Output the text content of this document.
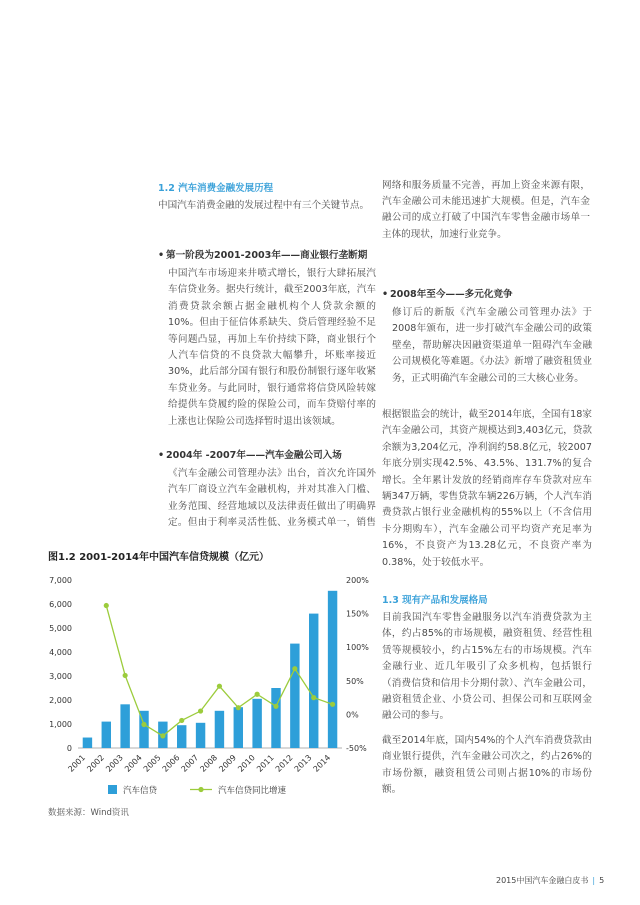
1.2 汽车消费金融发展历程

中国汽车消费金融的发展过程中有三个关键节点。

• 第一阶段为2001-2003年——商业银行垄断期

中国汽车市场迎来井喷式增长，银行大肆拓展汽车信贷业务。据央行统计，截至2003年底，汽车消费贷款余额占据金融机构个人贷款余额的10%。但由于征信体系缺失、贷后管理经验不足等问题凸显，再加上车价持续下降，商业银行个人汽车信贷的不良贷款大幅攀升，坏账率接近30%，此后部分国有银行和股份制银行逐年收紧车贷业务。与此同时，银行通常将信贷风险转嫁给提供车贷履约险的保险公司，而车贷赔付率的上涨也让保险公司选择暂时退出该领域。

• 2004年 -2007年——汽车金融公司入场

《汽车金融公司管理办法》出台，首次允许国外汽车厂商设立汽车金融机构，并对其准入门槛、业务范围、经营地域以及法律责任做出了明确界定。但由于利率灵活性低、业务模式单一，销售

网络和服务质量不完善，再加上资金来源有限，汽车金融公司未能迅速扩大规模。但是，汽车金融公司的成立打破了中国汽车零售金融市场单一主体的现状，加速行业竞争。

• 2008年至今——多元化竞争

修订后的新版《汽车金融公司管理办法》于2008年颁布，进一步打破汽车金融公司的政策壁垒，帮助解决因融资渠道单一阻碍汽车金融公司规模化等难题。《办法》新增了融资租赁业务，正式明确汽车金融公司的三大核心业务。

根据银监会的统计，截至2014年底，全国有18家汽车金融公司，其资产规模达到3,403亿元，贷款余额为3,204亿元，净利润约58.8亿元，较2007年底分别实现42.5%、43.5%、131.7%的复合增长。全年累计发放的经销商库存车贷款对应车辆347万辆，零售贷款车辆226万辆，个人汽车消费贷款占银行业金融机构的55%以上（不含信用卡分期购车），汽车金融公司平均资产充足率为16%，不良资产为13.28亿元，不良资产率为0.38%，处于较低水平。

1.3 现有产品和发展格局

目前我国汽车零售金融服务以汽车消费贷款为主体，约占85%的市场规模，融资租赁、经营性租赁等规模较小，约占15%左右的市场规模。汽车金融行业、近几年吸引了众多机构，包括银行（消费信贷和信用卡分期付款）、汽车金融公司，融资租赁企业、小贷公司、担保公司和互联网金融公司的参与。

截至2014年底，国内54%的个人汽车消费贷款由商业银行提供，汽车金融公司次之，约占26%的市场份额，融资租赁公司则占据10%的市场份额。

图1.2 2001-2014年中国汽车信贷规模（亿元）
0
1,000
2,000
3,000
4,000
5,000
6,000
7,000
-50%
0%
50%
100%
150%
200%
2001
2002
2003
2004
2005
2006
2007
2008
2009
2010
2011
2012
2013
2014
汽车信贷	汽车信贷同比增速
数据来源：Wind资讯
2015中国汽车金融白皮书 | 5
